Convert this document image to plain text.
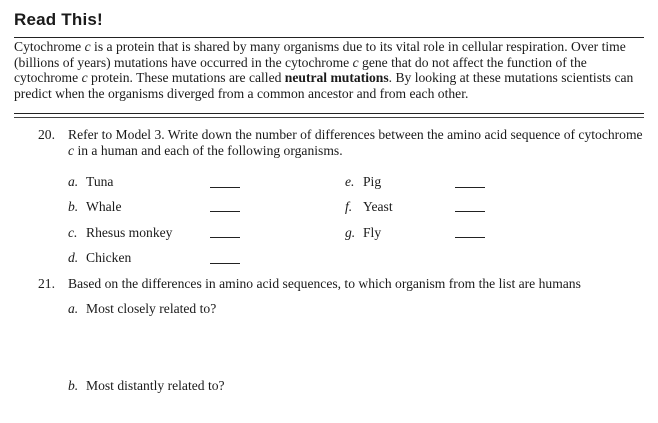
Read This!
Cytochrome c is a protein that is shared by many organisms due to its vital role in cellular respiration. Over time (billions of years) mutations have occurred in the cytochrome c gene that do not affect the function of the cytochrome c protein. These mutations are called neutral mutations. By looking at these mutations scientists can predict when the organisms diverged from a common ancestor and from each other.
20. Refer to Model 3. Write down the number of differences between the amino acid sequence of cytochrome c in a human and each of the following organisms.
a. Tuna
b. Whale
c. Rhesus monkey
d. Chicken
e. Pig
f. Yeast
g. Fly
21. Based on the differences in amino acid sequences, to which organism from the list are humans
a. Most closely related to?
b. Most distantly related to?
